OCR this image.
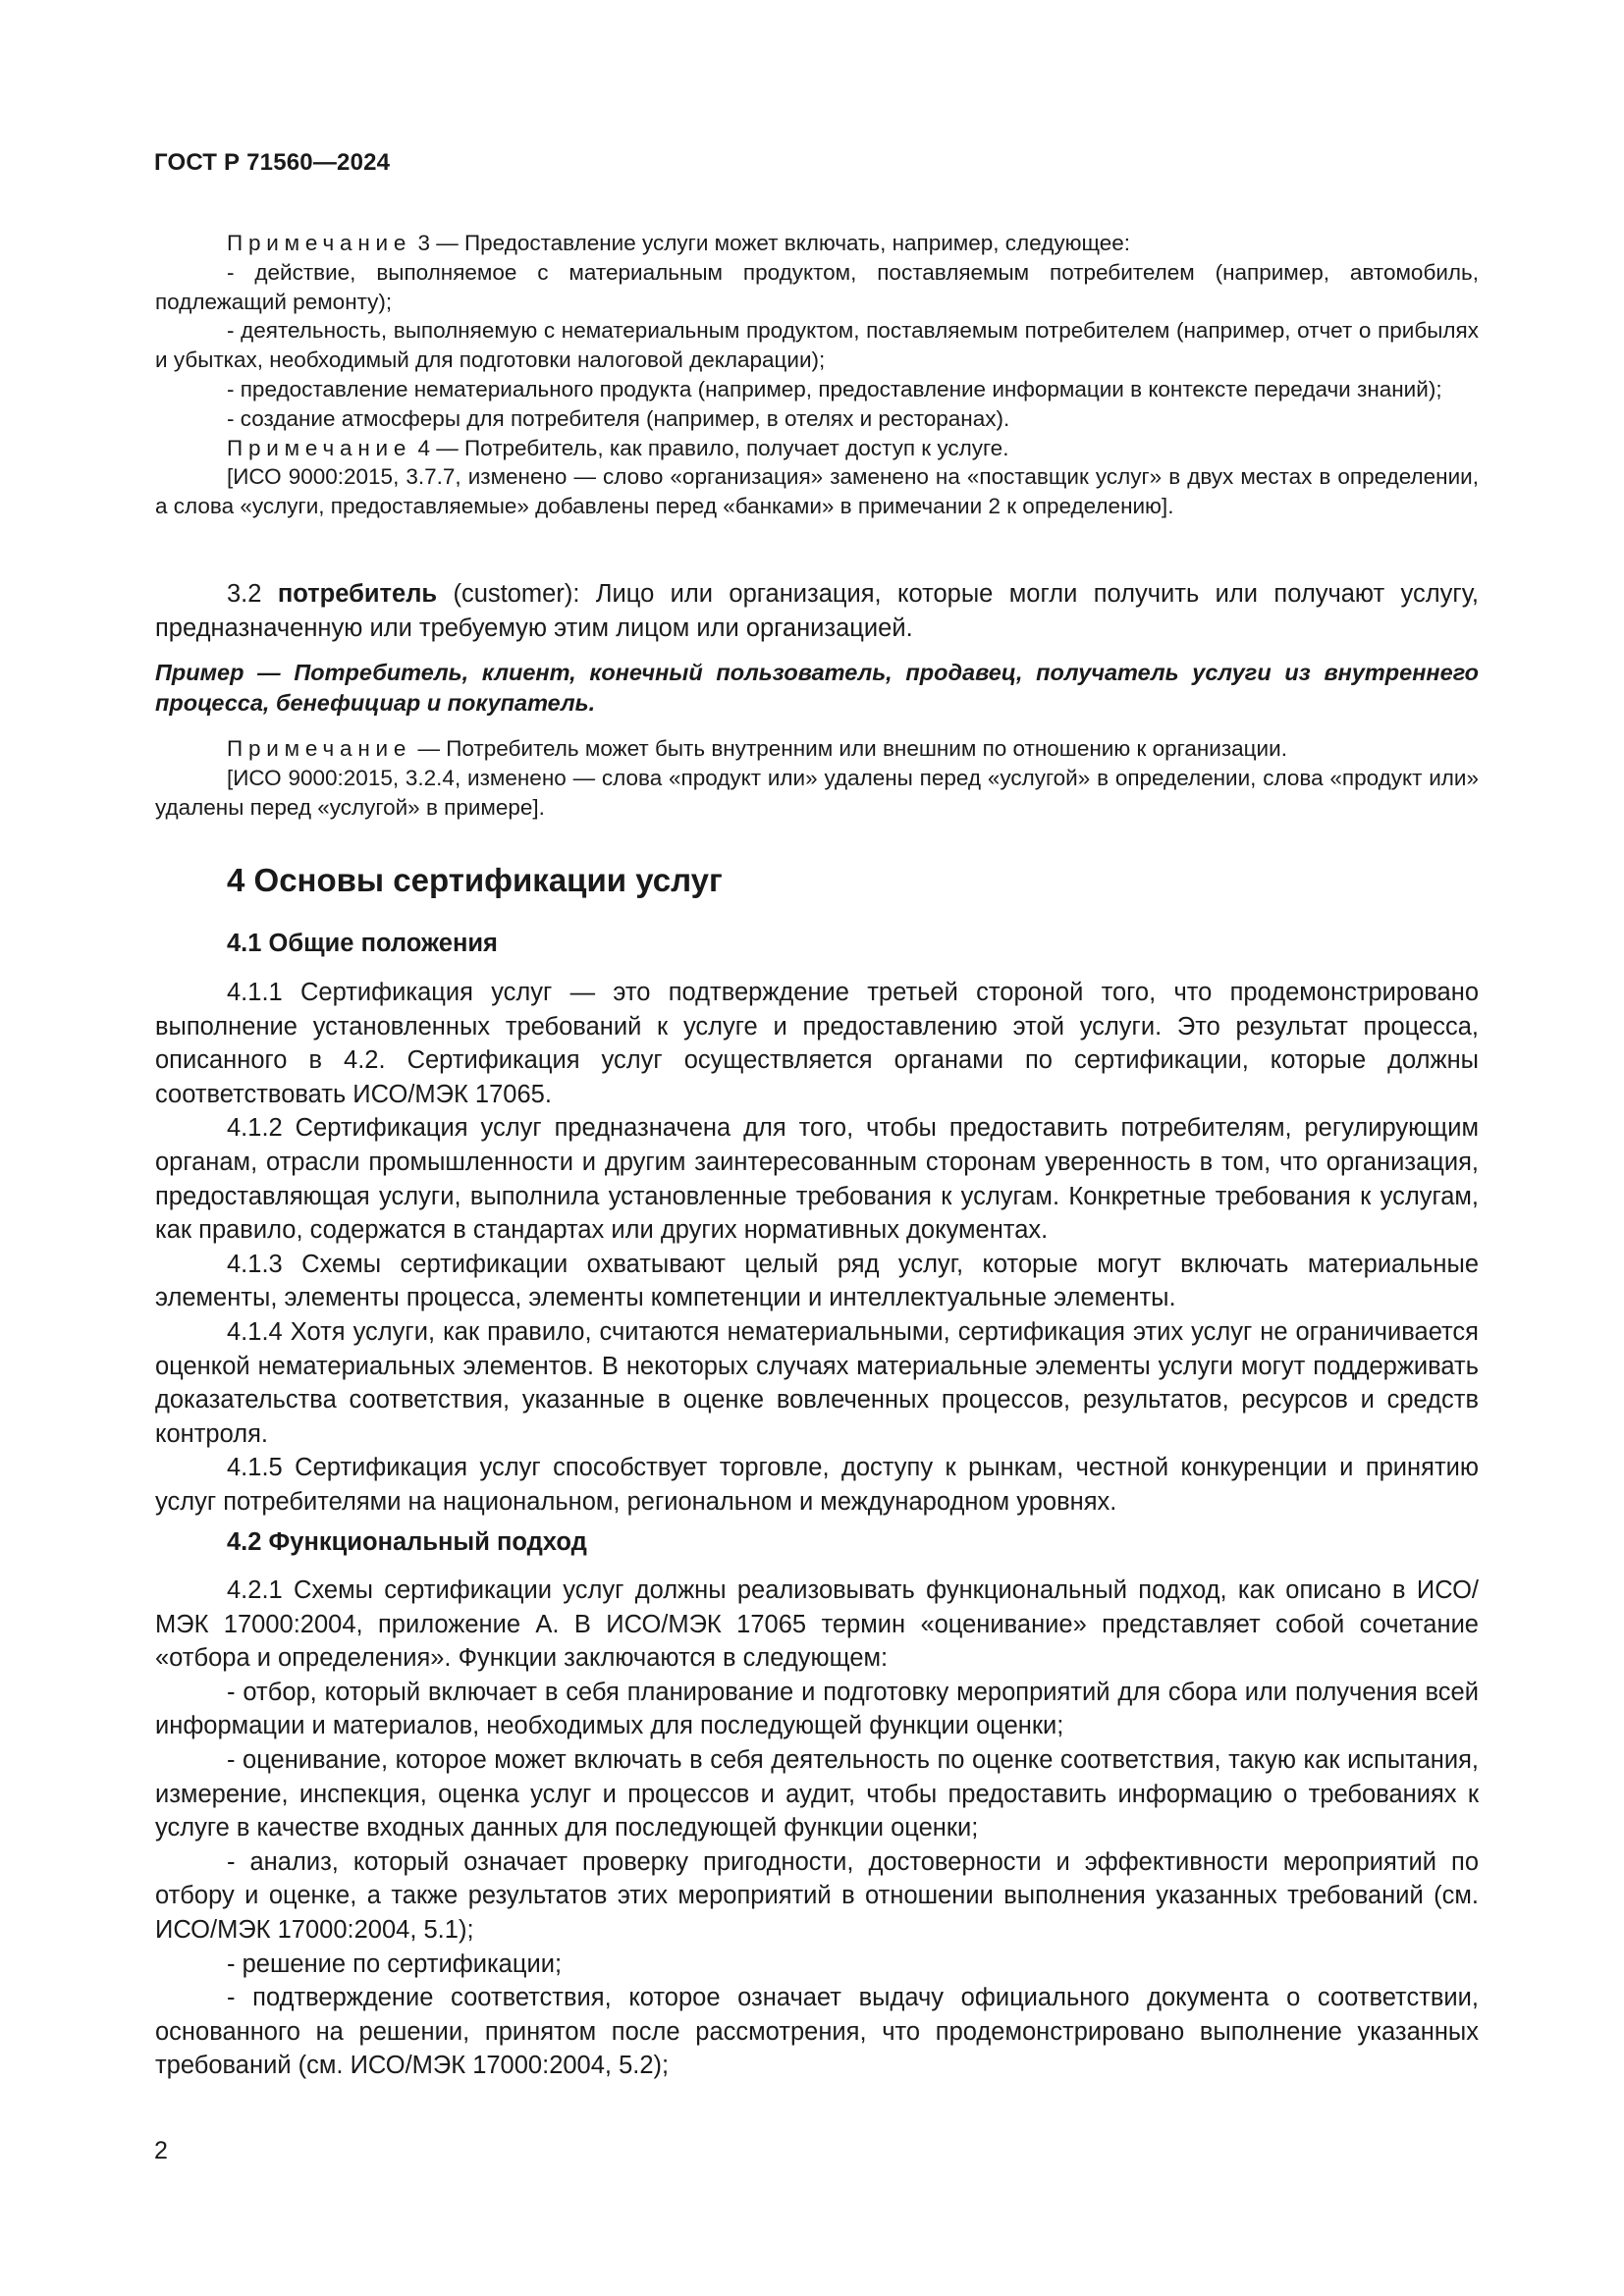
ГОСТ Р 71560—2024

Примечание 3 — Предоставление услуги может включать, например, следующее:

- действие, выполняемое с материальным продуктом, поставляемым потребителем (например, автомобиль, подлежащий ремонту);

- деятельность, выполняемую с нематериальным продуктом, поставляемым потребителем (например, отчет о прибылях и убытках, необходимый для подготовки налоговой декларации);

- предоставление нематериального продукта (например, предоставление информации в контексте передачи знаний);

- создание атмосферы для потребителя (например, в отелях и ресторанах).

Примечание 4 — Потребитель, как правило, получает доступ к услуге.

[ИСО 9000:2015, 3.7.7, изменено — слово «организация» заменено на «поставщик услуг» в двух местах в определении, а слова «услуги, предоставляемые» добавлены перед «банками» в примечании 2 к определению].

3.2 потребитель (customer): Лицо или организация, которые могли получить или получают услугу, предназначенную или требуемую этим лицом или организацией.

Пример — Потребитель, клиент, конечный пользователь, продавец, получатель услуги из внутреннего процесса, бенефициар и покупатель.

Примечание — Потребитель может быть внутренним или внешним по отношению к организации.

[ИСО 9000:2015, 3.2.4, изменено — слова «продукт или» удалены перед «услугой» в определении, слова «продукт или» удалены перед «услугой» в примере].

4 Основы сертификации услуг
4.1 Общие положения

4.1.1 Сертификация услуг — это подтверждение третьей стороной того, что продемонстрировано выполнение установленных требований к услуге и предоставлению этой услуги. Это результат процесса, описанного в 4.2. Сертификация услуг осуществляется органами по сертификации, которые должны соответствовать ИСО/МЭК 17065.

4.1.2 Сертификация услуг предназначена для того, чтобы предоставить потребителям, регулирующим органам, отрасли промышленности и другим заинтересованным сторонам уверенность в том, что организация, предоставляющая услуги, выполнила установленные требования к услугам. Конкретные требования к услугам, как правило, содержатся в стандартах или других нормативных документах.

4.1.3 Схемы сертификации охватывают целый ряд услуг, которые могут включать материальные элементы, элементы процесса, элементы компетенции и интеллектуальные элементы.

4.1.4 Хотя услуги, как правило, считаются нематериальными, сертификация этих услуг не ограничивается оценкой нематериальных элементов. В некоторых случаях материальные элементы услуги могут поддерживать доказательства соответствия, указанные в оценке вовлеченных процессов, результатов, ресурсов и средств контроля.

4.1.5 Сертификация услуг способствует торговле, доступу к рынкам, честной конкуренции и принятию услуг потребителями на национальном, региональном и международном уровнях.

4.2 Функциональный подход

4.2.1 Схемы сертификации услуг должны реализовывать функциональный подход, как описано в ИСО/МЭК 17000:2004, приложение А. В ИСО/МЭК 17065 термин «оценивание» представляет собой сочетание «отбора и определения». Функции заключаются в следующем:

- отбор, который включает в себя планирование и подготовку мероприятий для сбора или получения всей информации и материалов, необходимых для последующей функции оценки;

- оценивание, которое может включать в себя деятельность по оценке соответствия, такую как испытания, измерение, инспекция, оценка услуг и процессов и аудит, чтобы предоставить информацию о требованиях к услуге в качестве входных данных для последующей функции оценки;

- анализ, который означает проверку пригодности, достоверности и эффективности мероприятий по отбору и оценке, а также результатов этих мероприятий в отношении выполнения указанных требований (см. ИСО/МЭК 17000:2004, 5.1);

- решение по сертификации;

- подтверждение соответствия, которое означает выдачу официального документа о соответствии, основанного на решении, принятом после рассмотрения, что продемонстрировано выполнение указанных требований (см. ИСО/МЭК 17000:2004, 5.2);

2
